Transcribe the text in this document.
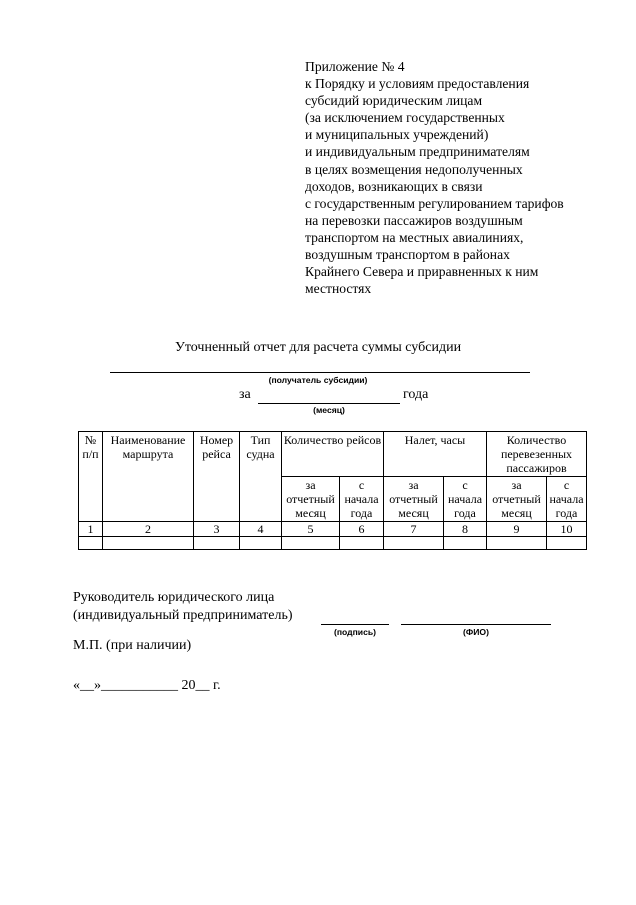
Приложение № 4
к Порядку и условиям предоставления
субсидий юридическим лицам
(за исключением государственных
и муниципальных учреждений)
и индивидуальным предпринимателям
в целях возмещения недополученных
доходов, возникающих в связи
с государственным регулированием тарифов
на перевозки пассажиров воздушным
транспортом на местных авиалиниях,
воздушным транспортом в районах
Крайнего Севера и приравненных к ним
местностях
Уточненный отчет для расчета суммы субсидии
(получатель субсидии)
за	года
(месяц)
№ п/п	Наименование маршрута	Номер рейса	Тип судна	Количество рейсов		Налет, часы		Количество перевезенных пассажиров	
				за отчетный месяц	с начала года	за отчетный месяц	с начала года	за отчетный месяц	с начала года
1	2	3	4	5	6	7	8	9	10

Руководитель юридического лица
(индивидуальный предприниматель)
(подпись)	(ФИО)
М.П. (при наличии)
«__»___________ 20__ г.
